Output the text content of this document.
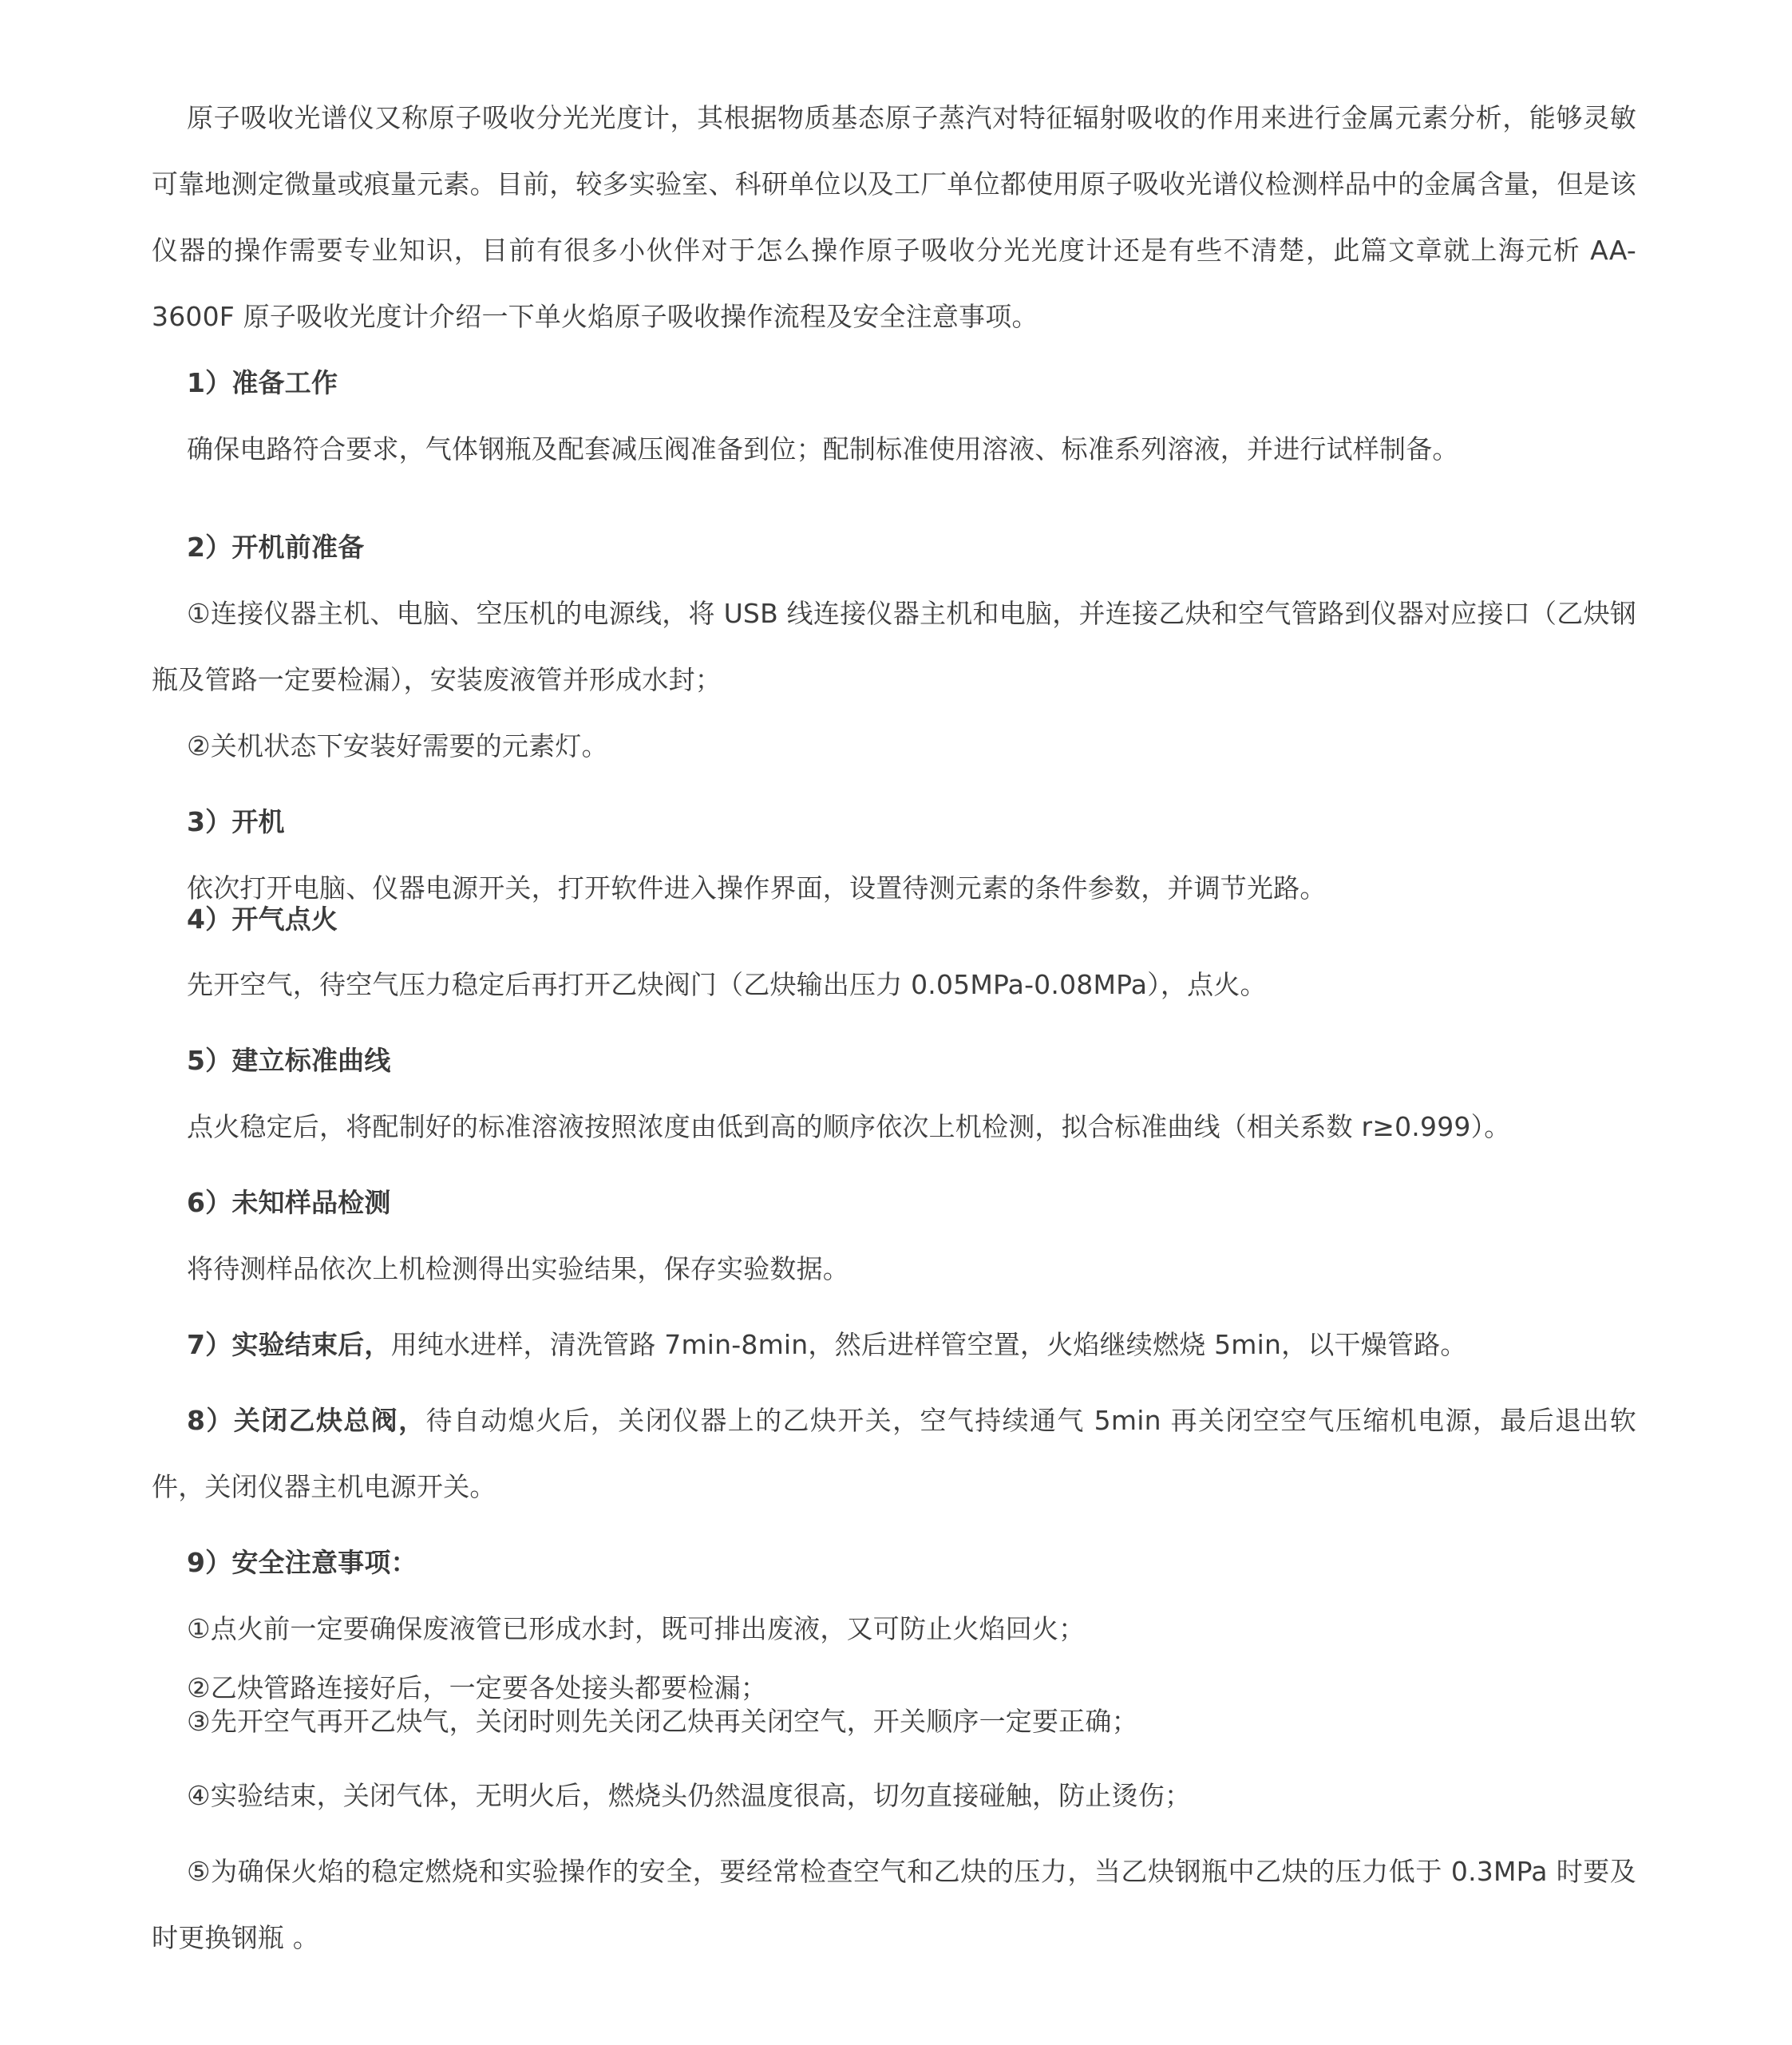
原子吸收光谱仪又称原子吸收分光光度计，其根据物质基态原子蒸汽对特征辐射吸收的作用来进行金属元素分析，能够灵敏可靠地测定微量或痕量元素。目前，较多实验室、科研单位以及工厂单位都使用原子吸收光谱仪检测样品中的金属含量，但是该仪器的操作需要专业知识，目前有很多小伙伴对于怎么操作原子吸收分光光度计还是有些不清楚，此篇文章就上海元析 AA-3600F 原子吸收光度计介绍一下单火焰原子吸收操作流程及安全注意事项。

1）准备工作

确保电路符合要求，气体钢瓶及配套减压阀准备到位；配制标准使用溶液、标准系列溶液，并进行试样制备。

2）开机前准备

①连接仪器主机、电脑、空压机的电源线，将 USB 线连接仪器主机和电脑，并连接乙炔和空气管路到仪器对应接口（乙炔钢瓶及管路一定要检漏），安装废液管并形成水封；

②关机状态下安装好需要的元素灯。

3）开机

依次打开电脑、仪器电源开关，打开软件进入操作界面，设置待测元素的条件参数，并调节光路。

4）开气点火

先开空气，待空气压力稳定后再打开乙炔阀门（乙炔输出压力 0.05MPa-0.08MPa），点火。

5）建立标准曲线

点火稳定后，将配制好的标准溶液按照浓度由低到高的顺序依次上机检测，拟合标准曲线（相关系数 r≥0.999）。

6）未知样品检测

将待测样品依次上机检测得出实验结果，保存实验数据。

7）实验结束后，用纯水进样，清洗管路 7min-8min，然后进样管空置，火焰继续燃烧 5min，以干燥管路。

8）关闭乙炔总阀，待自动熄火后，关闭仪器上的乙炔开关，空气持续通气 5min 再关闭空空气压缩机电源，最后退出软件，关闭仪器主机电源开关。

9）安全注意事项：

①点火前一定要确保废液管已形成水封，既可排出废液，又可防止火焰回火；

②乙炔管路连接好后，一定要各处接头都要检漏；

③先开空气再开乙炔气，关闭时则先关闭乙炔再关闭空气，开关顺序一定要正确；

④实验结束，关闭气体，无明火后，燃烧头仍然温度很高，切勿直接碰触，防止烫伤；

⑤为确保火焰的稳定燃烧和实验操作的安全，要经常检查空气和乙炔的压力，当乙炔钢瓶中乙炔的压力低于 0.3MPa 时要及时更换钢瓶 。
